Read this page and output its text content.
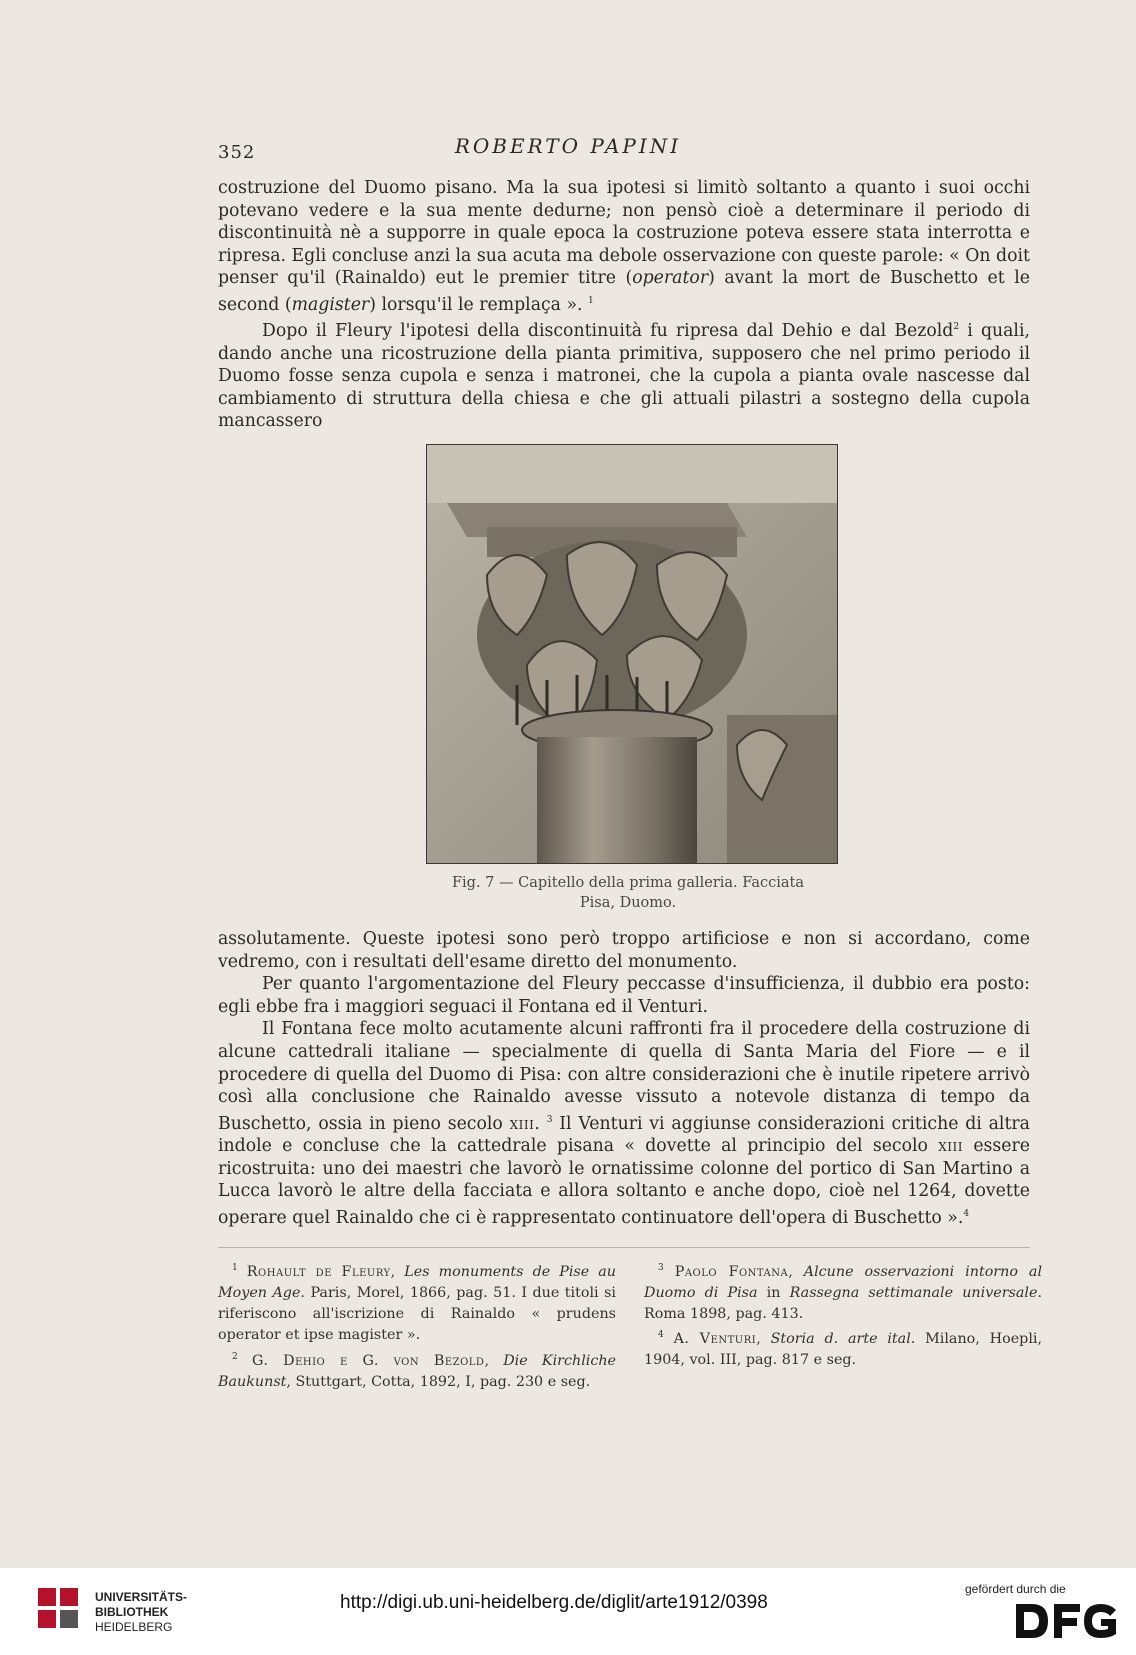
352	ROBERTO PAPINI

costruzione del Duomo pisano. Ma la sua ipotesi si limitò soltanto a quanto i suoi occhi potevano vedere e la sua mente dedurne; non pensò cioè a determinare il periodo di discontinuità nè a supporre in quale epoca la costruzione poteva essere stata interrotta e ripresa. Egli concluse anzi la sua acuta ma debole osservazione con queste parole: « On doit penser qu'il (Rainaldo) eut le premier titre (operator) avant la mort de Buschetto et le second (magister) lorsqu'il le remplaça ». $^1$

Dopo il Fleury l'ipotesi della discontinuità fu ripresa dal Dehio e dal Bezold$^2$ i quali, dando anche una ricostruzione della pianta primitiva, supposero che nel primo periodo il Duomo fosse senza cupola e senza i matronei, che la cupola a pianta ovale nascesse dal cambiamento di struttura della chiesa e che gli attuali pilastri a sostegno della cupola mancassero

Fig. 7 — Capitello della prima galleria. Facciata
Pisa, Duomo.

assolutamente. Queste ipotesi sono però troppo artificiose e non si accordano, come vedremo, con i resultati dell'esame diretto del monumento.

Per quanto l'argomentazione del Fleury peccasse d'insufficienza, il dubbio era posto: egli ebbe fra i maggiori seguaci il Fontana ed il Venturi.

Il Fontana fece molto acutamente alcuni raffronti fra il procedere della costruzione di alcune cattedrali italiane — specialmente di quella di Santa Maria del Fiore — e il procedere di quella del Duomo di Pisa: con altre considerazioni che è inutile ripetere arrivò così alla conclusione che Rainaldo avesse vissuto a notevole distanza di tempo da Buschetto, ossia in pieno secolo xiii. $^3$ Il Venturi vi aggiunse considerazioni critiche di altra indole e concluse che la cattedrale pisana « dovette al principio del secolo xiii essere ricostruita: uno dei maestri che lavorò le ornatissime colonne del portico di San Martino a Lucca lavorò le altre della facciata e allora soltanto e anche dopo, cioè nel 1264, dovette operare quel Rainaldo che ci è rappresentato continuatore dell'opera di Buschetto ».$^4$

$^1$ Rohault de Fleury, Les monuments de Pise au Moyen Age. Paris, Morel, 1866, pag. 51. I due titoli si riferiscono all'iscrizione di Rainaldo « prudens operator et ipse magister ».

$^2$ G. Dehio e G. von Bezold, Die Kirchliche Baukunst, Stuttgart, Cotta, 1892, I, pag. 230 e seg.

$^3$ Paolo Fontana, Alcune osservazioni intorno al Duomo di Pisa in Rassegna settimanale universale. Roma 1898, pag. 413.

$^4$ A. Venturi, Storia d. arte ital. Milano, Hoepli, 1904, vol. III, pag. 817 e seg.

UNIVERSITÄTS-
BIBLIOTHEK
HEIDELBERG
http://digi.ub.uni-heidelberg.de/diglit/arte1912/0398
gefördert durch die
